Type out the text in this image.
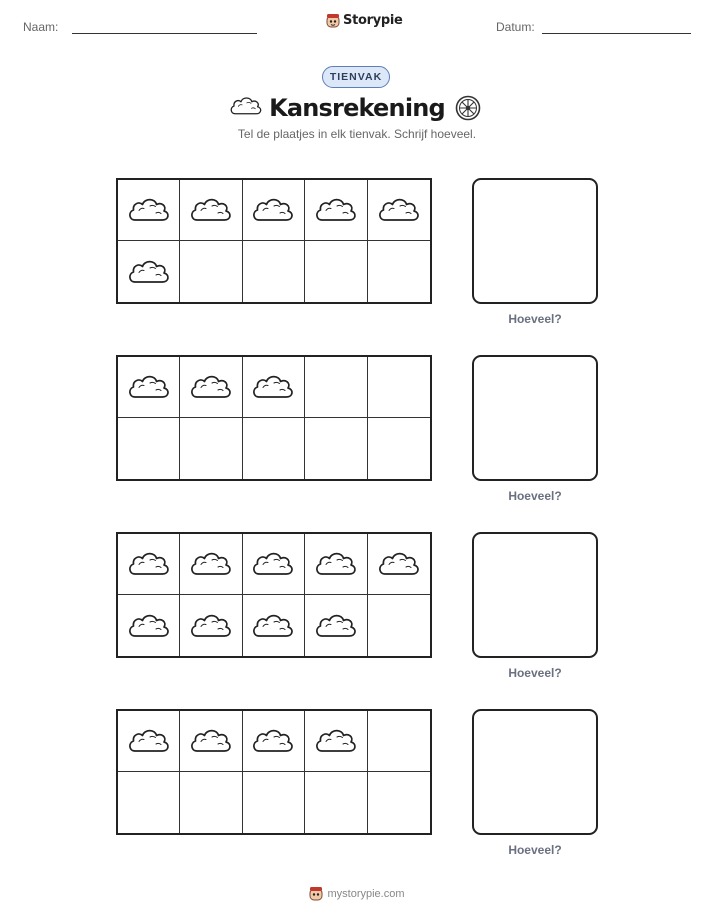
Naam:	Storypie	Datum:
TIENVAK
Kansrekening
Tel de plaatjes in elk tienvak. Schrijf hoeveel.
Hoeveel?
Hoeveel?
Hoeveel?
Hoeveel?
mystorypie.com
